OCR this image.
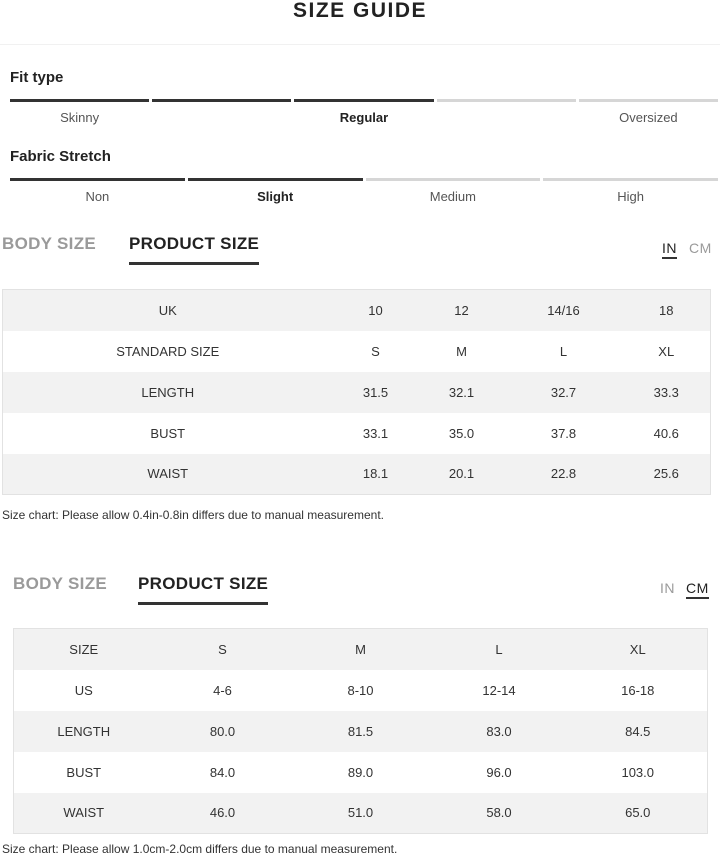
SIZE GUIDE
Fit type
Skinny	Regular	Oversized
Fabric Stretch
Non	Slight	Medium	High
BODY SIZE PRODUCT SIZE	IN CM
UK	10	12	14/16	18
STANDARD SIZE	S	M	L	XL
LENGTH	31.5	32.1	32.7	33.3
BUST	33.1	35.0	37.8	40.6
WAIST	18.1	20.1	22.8	25.6
Size chart: Please allow 0.4in-0.8in differs due to manual measurement.
BODY SIZE PRODUCT SIZE	IN CM
SIZE	S	M	L	XL
US	4-6	8-10	12-14	16-18
LENGTH	80.0	81.5	83.0	84.5
BUST	84.0	89.0	96.0	103.0
WAIST	46.0	51.0	58.0	65.0
Size chart: Please allow 1.0cm-2.0cm differs due to manual measurement.
